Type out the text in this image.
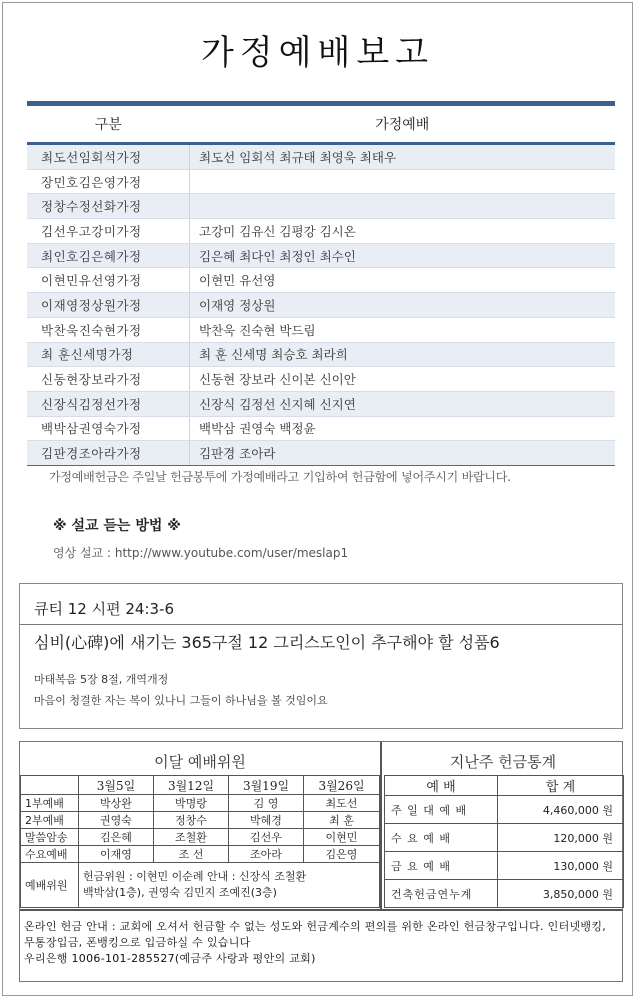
가정예배보고

구분	가정예배

최도선임회석가정	최도선 임회석 최규태 최영욱 최태우
장민호김은영가정	
정창수정선화가정	
김선우고강미가정	고강미 김유신 김평강 김시온
최인호김은혜가정	김은혜 최다인 최정인 최수인
이현민유선영가정	이현민 유선영
이재영정상원가정	이재영 정상원
박찬욱진숙현가정	박찬욱 진숙현 박드림
최 훈신세명가정	최 훈 신세명 최승호 최라희
신동현장보라가정	신동현 장보라 신이본 신이안
신장식김정선가정	신장식 김정선 신지혜 신지연
백박삼권영숙가정	백박삼 권영숙 백정윤
김판경조아라가정	김판경 조아라
가정예배헌금은 주일날 헌금봉투에 가정예배라고 기입하여 헌금함에 넣어주시기 바랍니다.
※ 설교 듣는 방법 ※
영상 설교 : http://www.youtube.com/user/meslap1
큐티 12 시편 24:3-6
심비(心碑)에 새기는 365구절 12 그리스도인이 추구해야 할 성품6
마태복음 5장 8절, 개역개정
마음이 청결한 자는 복이 있나니 그들이 하나님을 볼 것임이요
이달 예배위원	지난주 헌금통계
	3월5일	3월12일	3월19일	3월26일
1부예배	박상완	박명랑	김 영	최도선
2부예배	권영숙	정창수	박혜경	최 훈
말씀암송	김은혜	조철환	김선우	이현민
수요예배	이재영	조 선	조아라	김은영
예배위원	헌금위원 : 이현민 이순례 안내 : 신장식 조철환
백박삼(1층), 권영숙 김민지 조예진(3층)			
예 배	합 계
주 일 대 예 배	4,460,000 원
수 요 예 배	120,000 원
금 요 예 배	130,000 원
건축헌금연누계	3,850,000 원
온라인 헌금 안내 : 교회에 오셔서 헌금할 수 없는 성도와 헌금계수의 편의를 위한 온라인 헌금창구입니다. 인터넷뱅킹, 무통장입금, 폰뱅킹으로 입금하실 수 있습니다
우리은행 1006-101-285527(예금주 사랑과 평안의 교회)
